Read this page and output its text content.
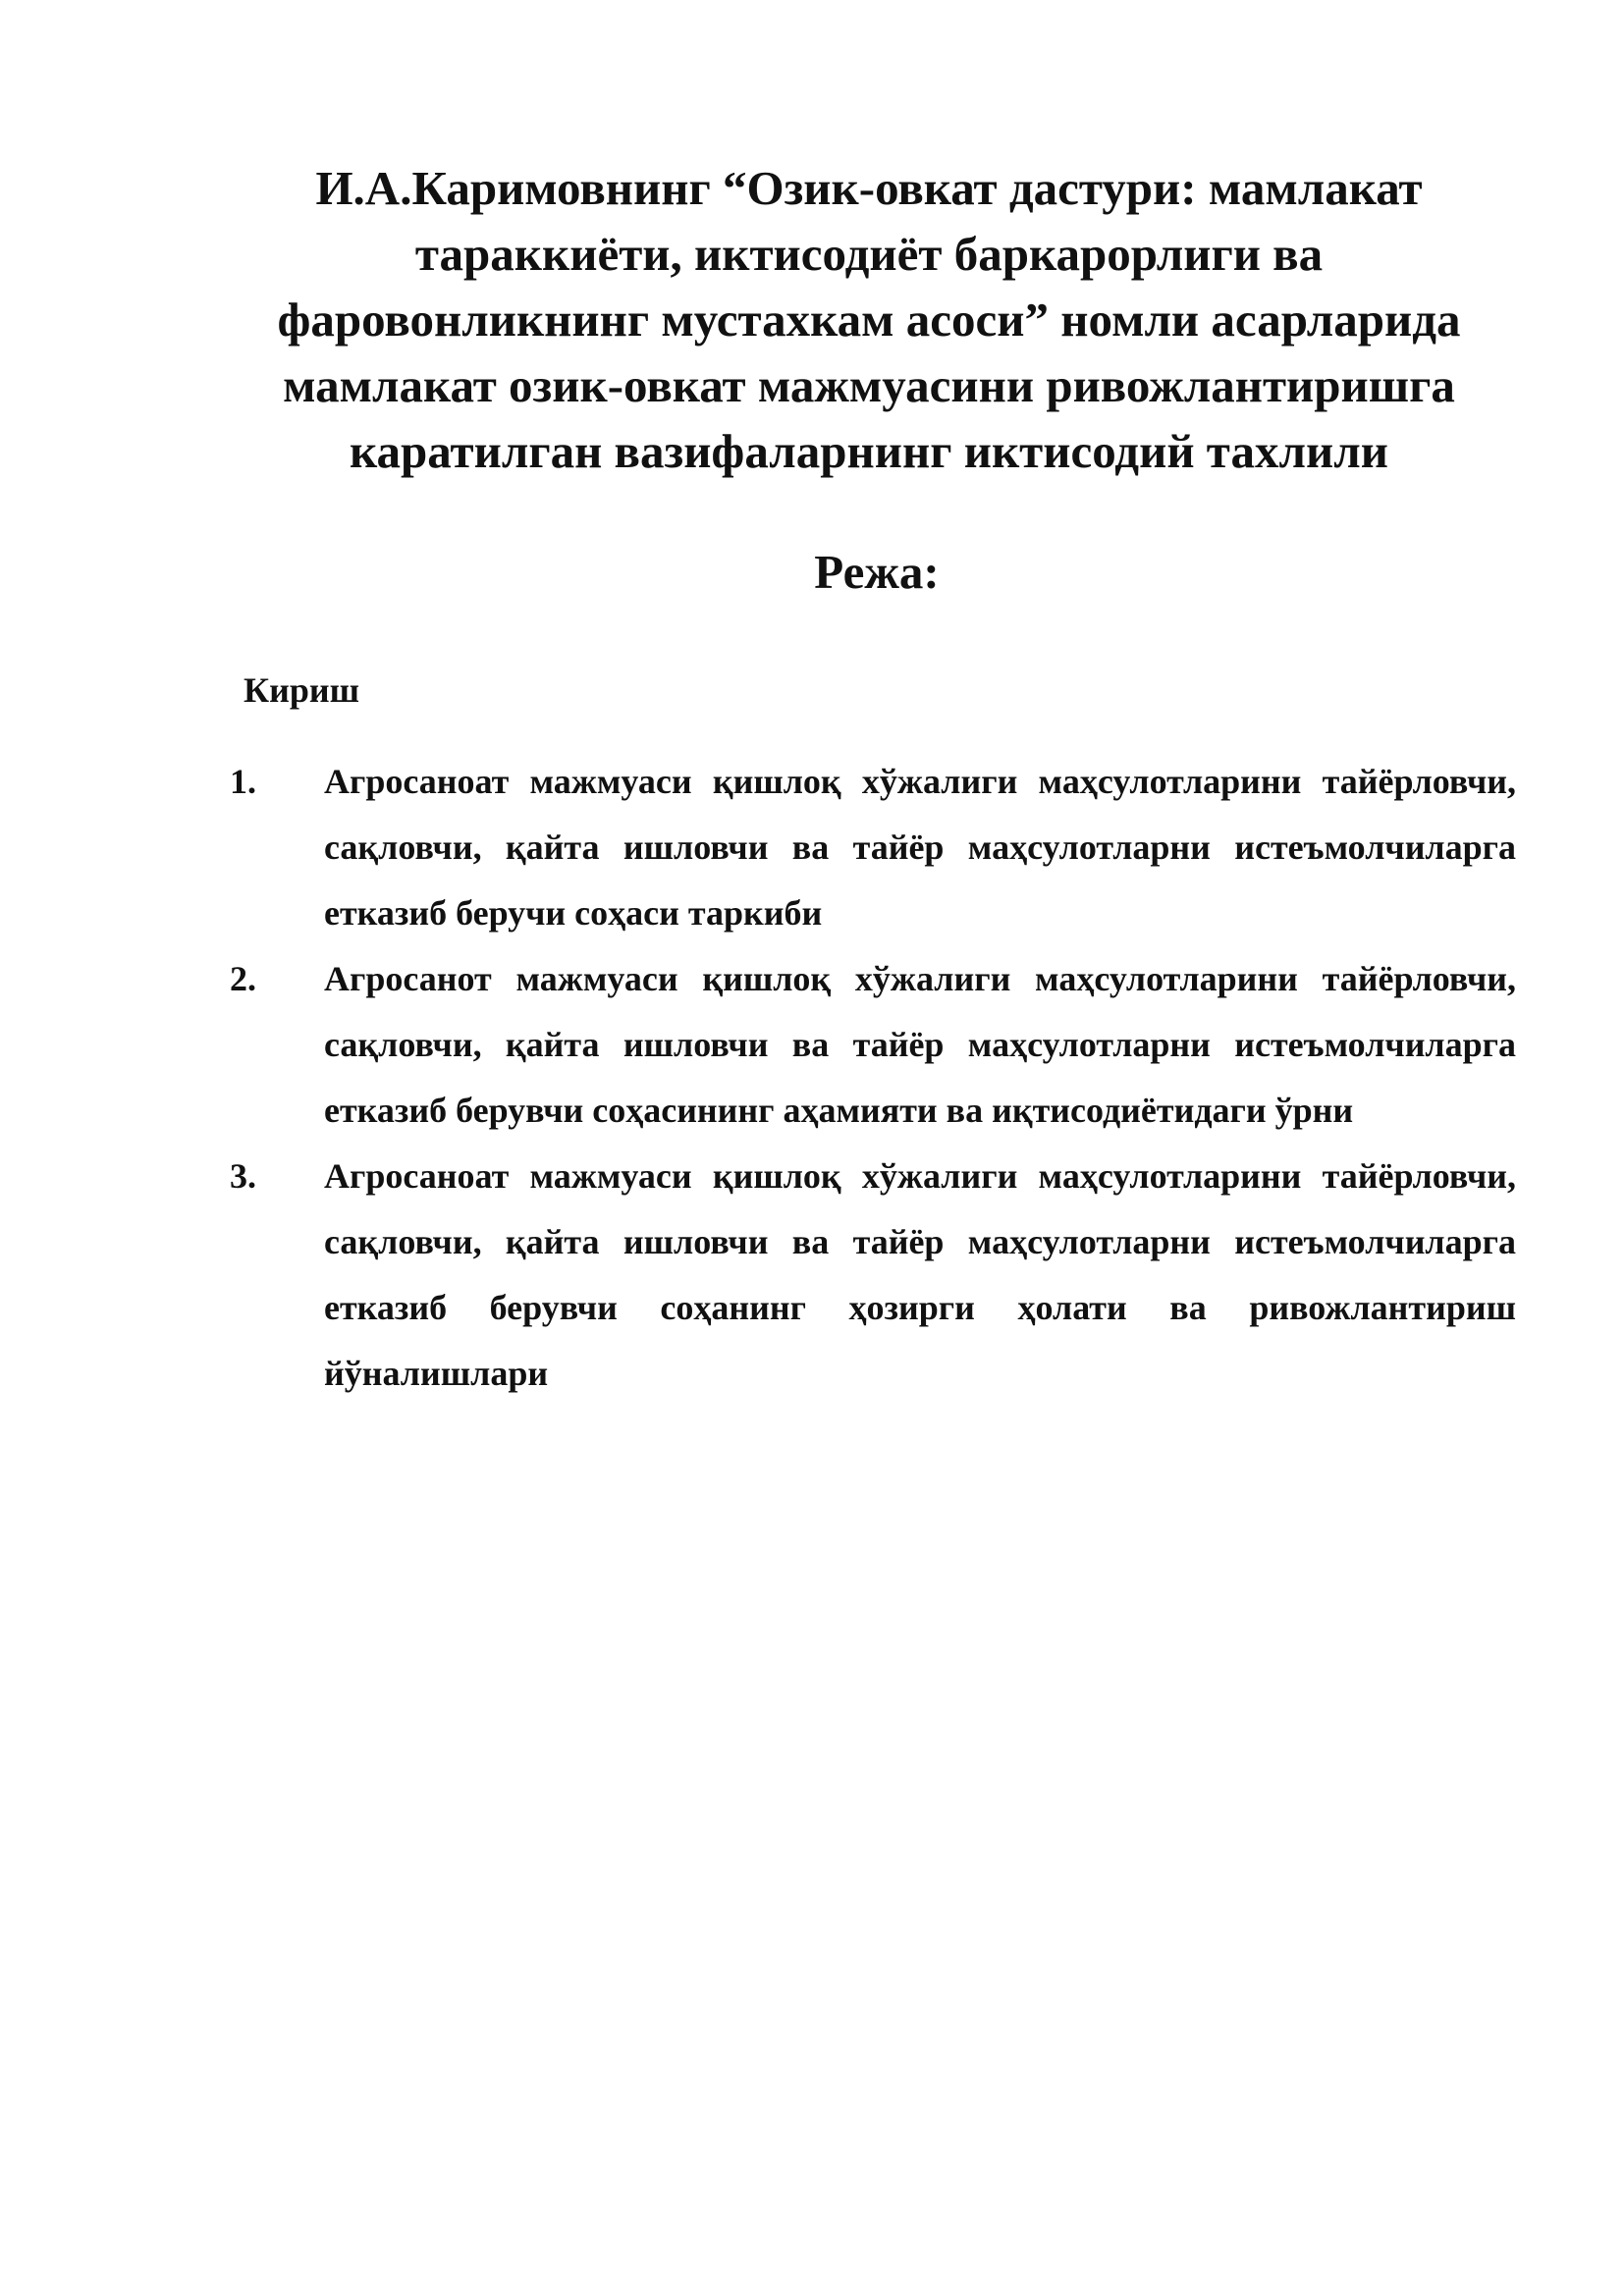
И.А.Каримовнинг “Озик-овкат дастури: мамлакат тараккиёти, иктисодиёт баркарорлиги ва фаровонликнинг мустахкам асоси” номли асарларида мамлакат озик-овкат мажмуасини ривожлантиришга каратилган вазифаларнинг иктисодий тахлили
Режа:

Кириш

1. Агросаноат мажмуаси қишлоқ хўжалиги маҳсулотларини тайёрловчи, сақловчи, қайта ишловчи ва тайёр маҳсулотларни истеъмолчиларга етказиб беручи соҳаси таркиби
2. Агросанот мажмуаси қишлоқ хўжалиги маҳсулотларини тайёрловчи, сақловчи, қайта ишловчи ва тайёр маҳсулотларни истеъмолчиларга етказиб берувчи соҳасининг аҳамияти ва иқтисодиётидаги ўрни
3. Агросаноат мажмуаси қишлоқ хўжалиги маҳсулотларини тайёрловчи, сақловчи, қайта ишловчи ва тайёр маҳсулотларни истеъмолчиларга етказиб берувчи соҳанинг ҳозирги ҳолати ва ривожлантириш йўналишлари
